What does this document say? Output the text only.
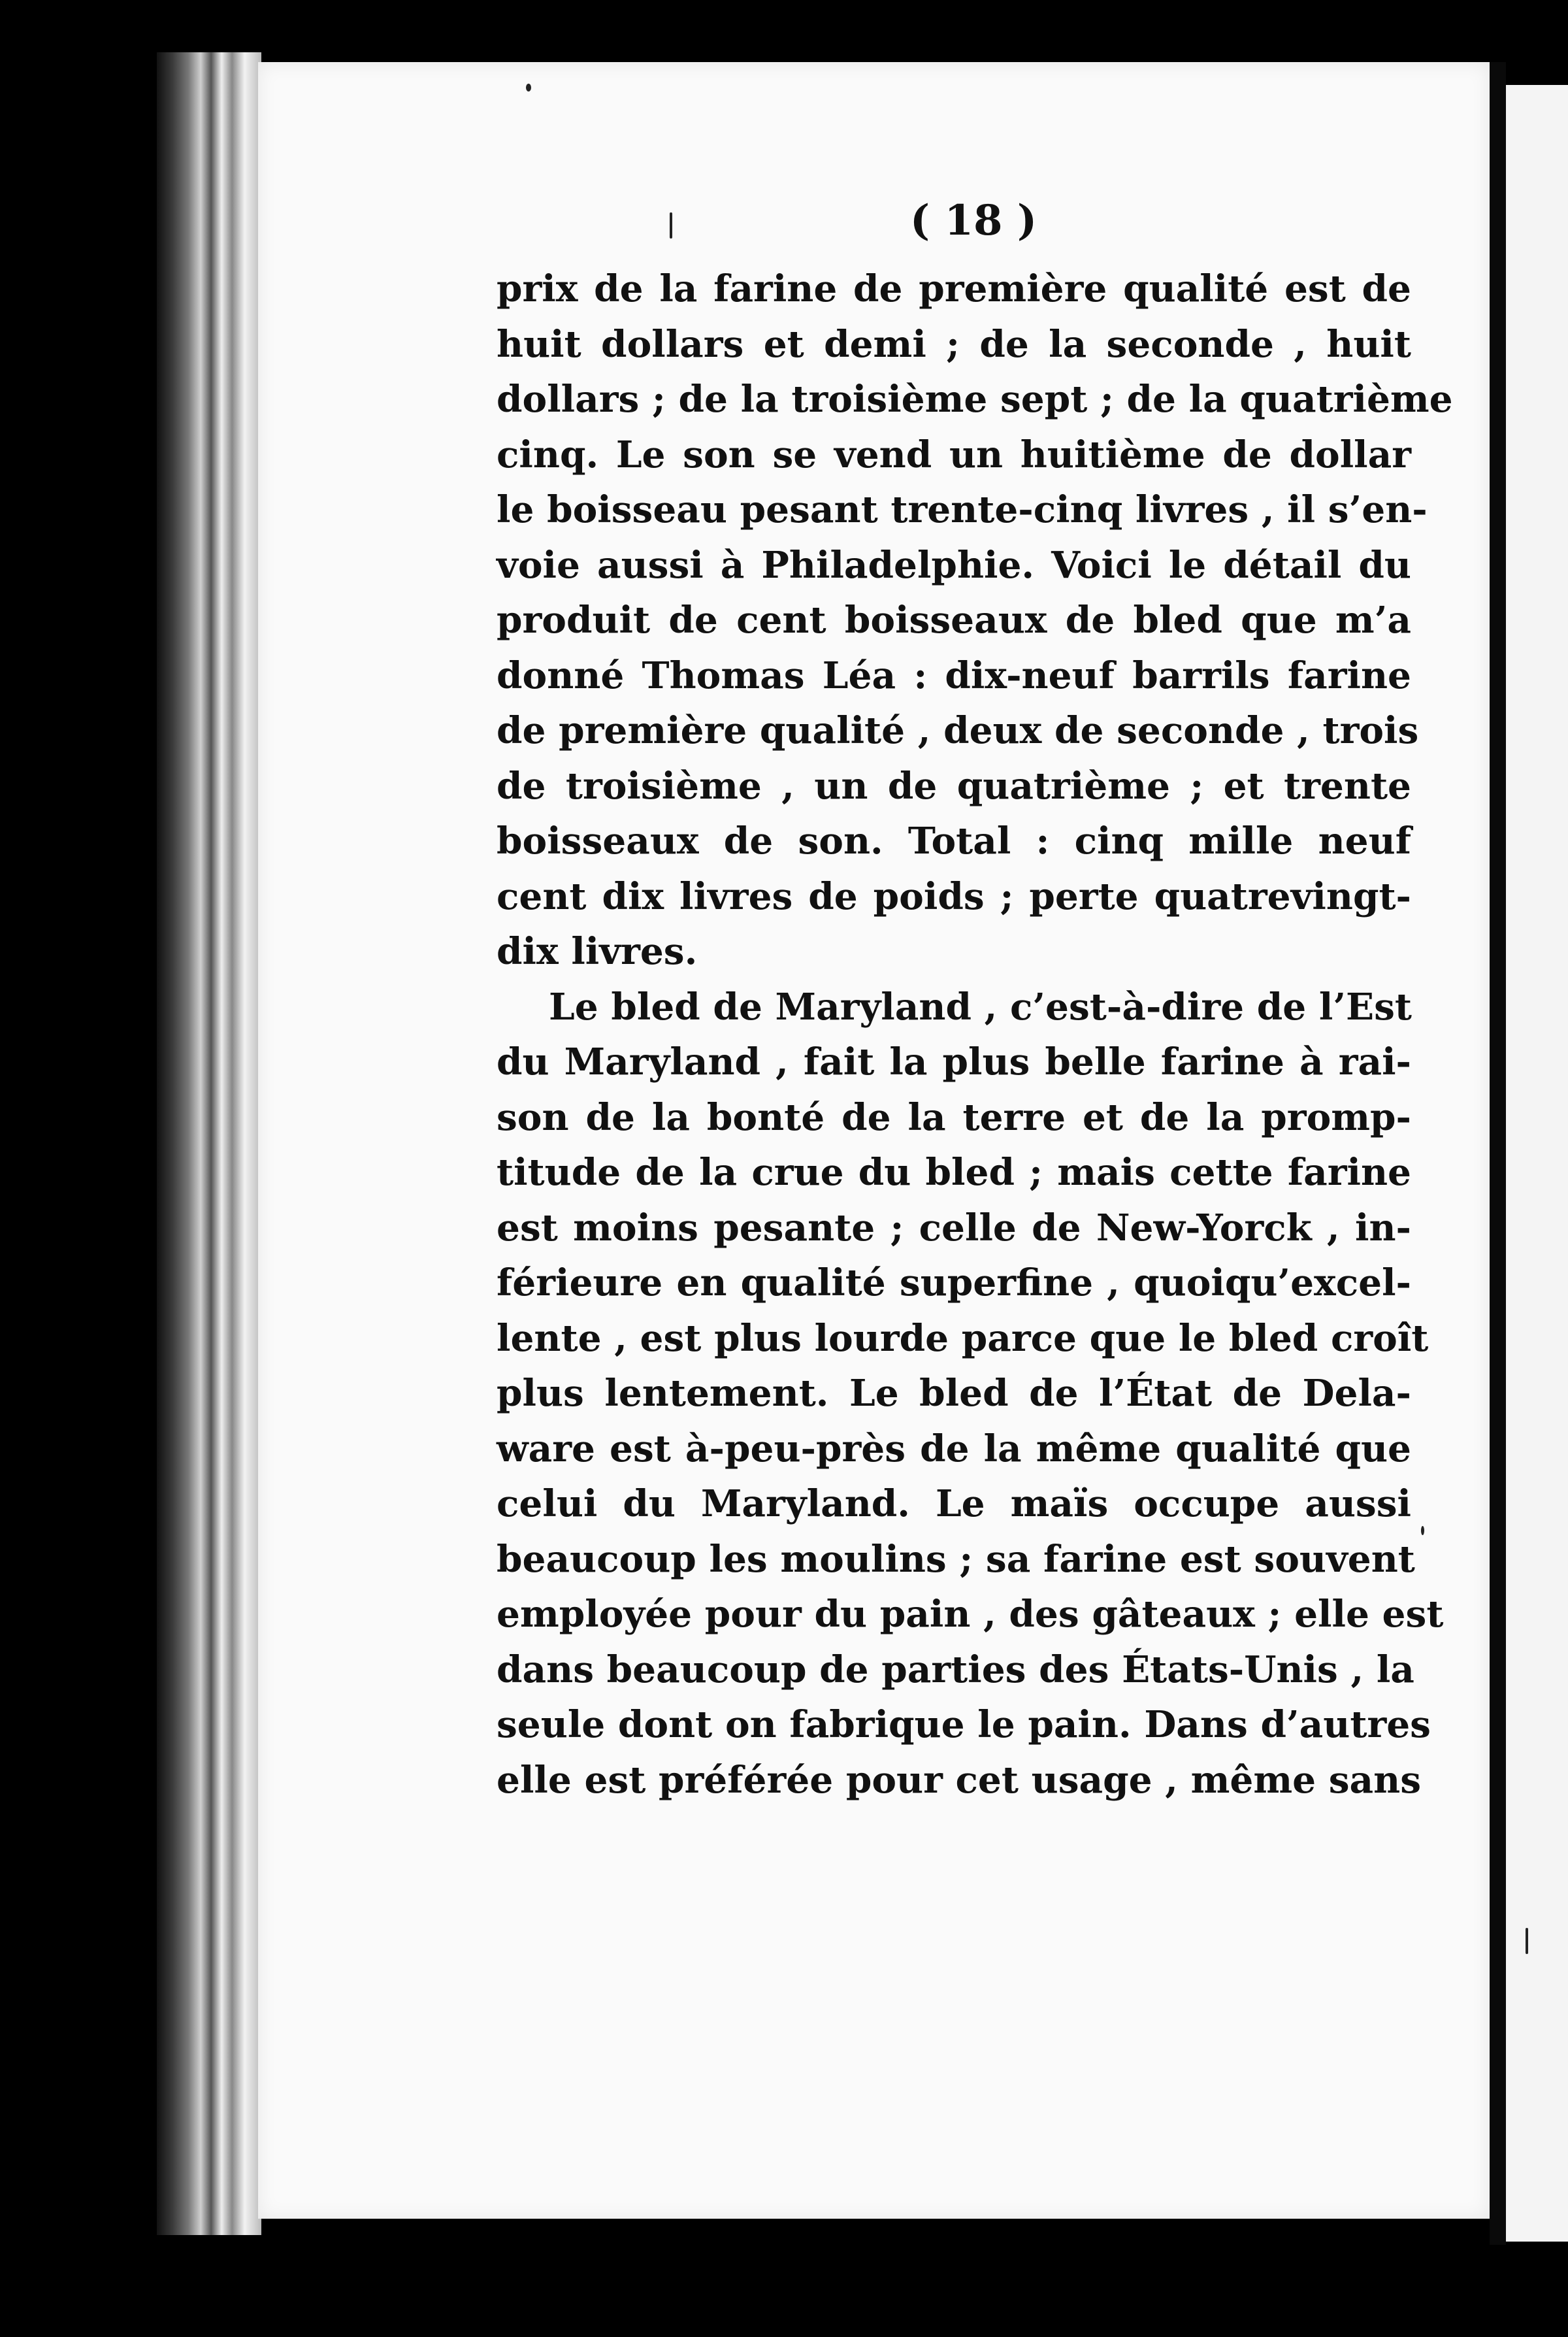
( 18 )
prix de la farine de première qualité est de
huit dollars et demi ; de la seconde , huit
dollars ; de la troisième sept ; de la quatrième
cinq. Le son se vend un huitième de dollar
le boisseau pesant trente-cinq livres , il s’en-
voie aussi à Philadelphie. Voici le détail du
produit de cent boisseaux de bled que m’a
donné Thomas Léa : dix-neuf barrils farine
de première qualité , deux de seconde , trois
de troisième , un de quatrième ; et trente
boisseaux de son. Total : cinq mille neuf
cent dix livres de poids ; perte quatrevingt-
dix livres.
Le bled de Maryland , c’est-à-dire de l’Est
du Maryland , fait la plus belle farine à rai-
son de la bonté de la terre et de la promp-
titude de la crue du bled ; mais cette farine
est moins pesante ; celle de New-Yorck , in-
férieure en qualité superfine , quoiqu’excel-
lente , est plus lourde parce que le bled croît
plus lentement. Le bled de l’État de Dela-
ware est à-peu-près de la même qualité que
celui du Maryland. Le maïs occupe aussi
beaucoup les moulins ; sa farine est souvent
employée pour du pain , des gâteaux ; elle est
dans beaucoup de parties des États-Unis , la
seule dont on fabrique le pain. Dans d’autres
elle est préférée pour cet usage , même sans
